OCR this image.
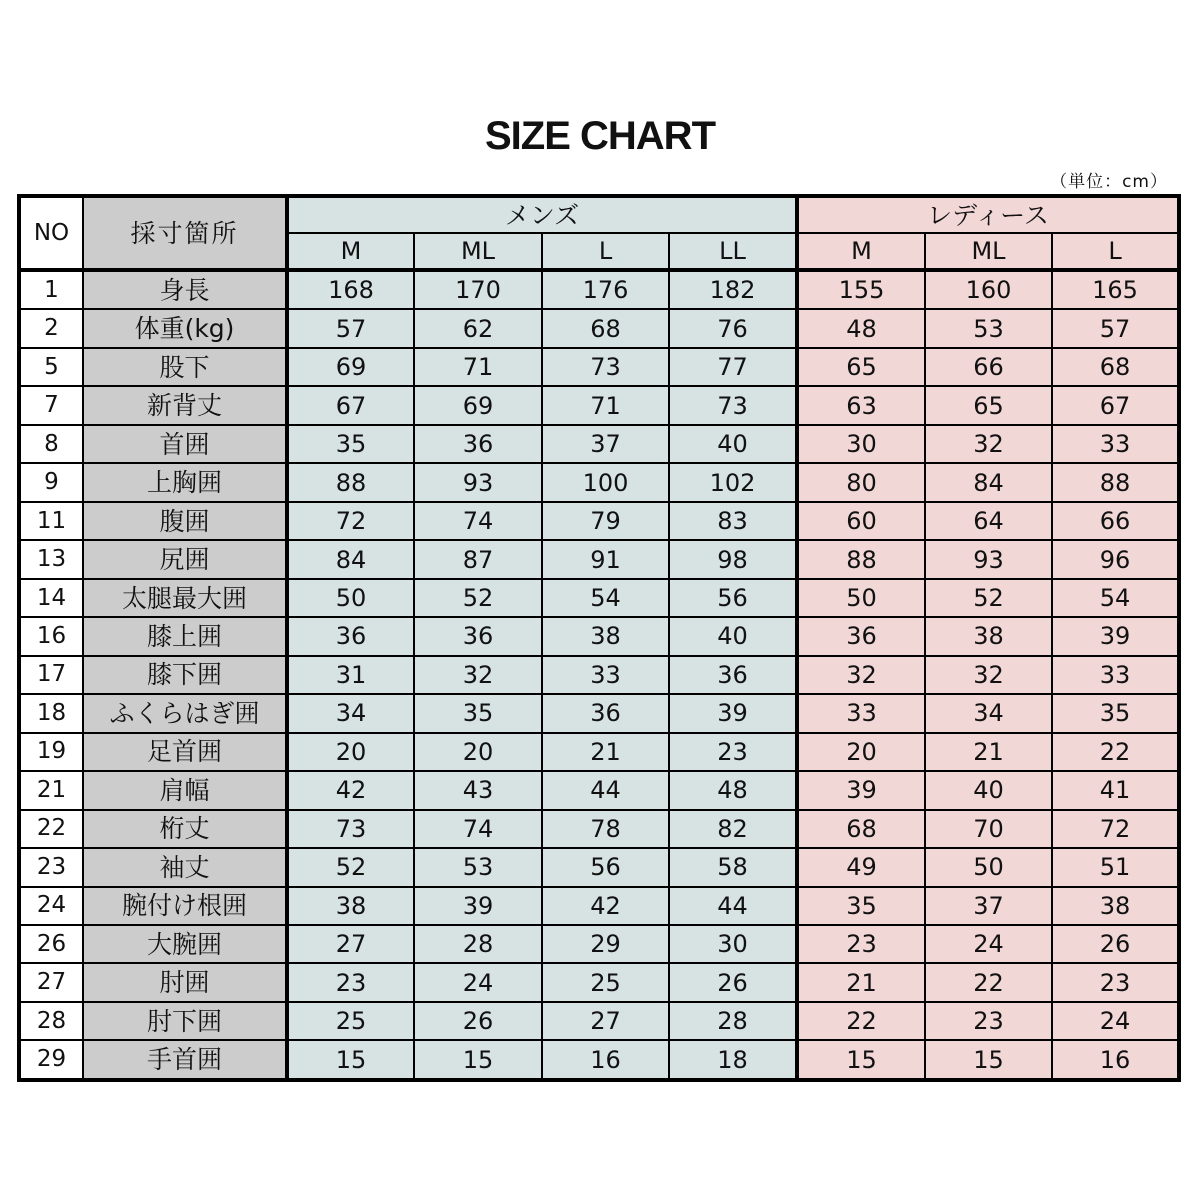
SIZE CHART
（単位：cm）
NO	採寸箇所	メンズ				レディース		
		M	ML	L	LL	M	ML	L
1	身長	168	170	176	182	155	160	165
2	体重(kg)	57	62	68	76	48	53	57
5	股下	69	71	73	77	65	66	68
7	新背丈	67	69	71	73	63	65	67
8	首囲	35	36	37	40	30	32	33
9	上胸囲	88	93	100	102	80	84	88
11	腹囲	72	74	79	83	60	64	66
13	尻囲	84	87	91	98	88	93	96
14	太腿最大囲	50	52	54	56	50	52	54
16	膝上囲	36	36	38	40	36	38	39
17	膝下囲	31	32	33	36	32	32	33
18	ふくらはぎ囲	34	35	36	39	33	34	35
19	足首囲	20	20	21	23	20	21	22
21	肩幅	42	43	44	48	39	40	41
22	桁丈	73	74	78	82	68	70	72
23	袖丈	52	53	56	58	49	50	51
24	腕付け根囲	38	39	42	44	35	37	38
26	大腕囲	27	28	29	30	23	24	26
27	肘囲	23	24	25	26	21	22	23
28	肘下囲	25	26	27	28	22	23	24
29	手首囲	15	15	16	18	15	15	16
